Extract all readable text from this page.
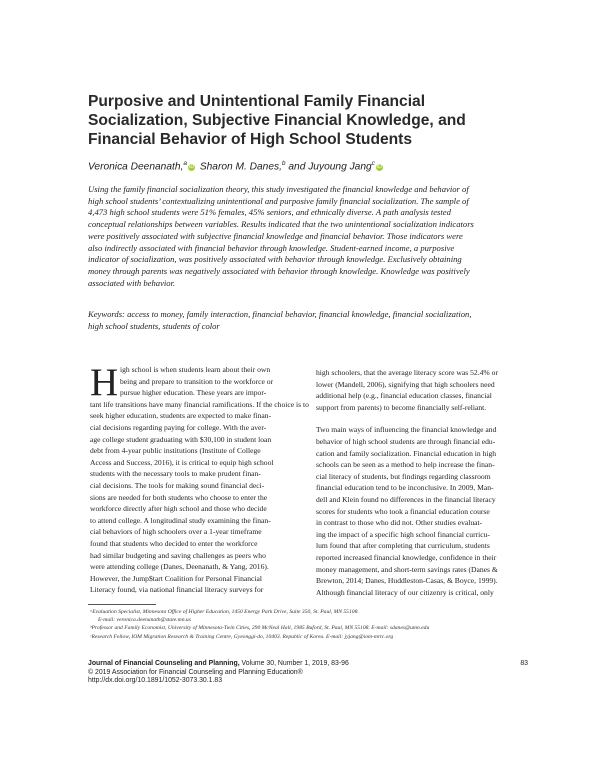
Purposive and Unintentional Family Financial
Socialization, Subjective Financial Knowledge, and
Financial Behavior of High School Students
Veronica Deenanath,$^a$iD Sharon M. Danes,$^b$ and Juyoung Jang$^c$iD
Using the family financial socialization theory, this study investigated the financial knowledge and behavior of
high school students’ contextualizing unintentional and purposive family financial socialization. The sample of
4,473 high school students were 51% females, 45% seniors, and ethnically diverse. A path analysis tested
conceptual relationships between variables. Results indicated that the two unintentional socialization indicators
were positively associated with subjective financial knowledge and financial behavior. Those indicators were
also indirectly associated with financial behavior through knowledge. Student-earned income, a purposive
indicator of socialization, was positively associated with behavior through knowledge. Exclusively obtaining
money through parents was negatively associated with behavior through knowledge. Knowledge was positively
associated with behavior.
Keywords: access to money, family interaction, financial behavior, financial knowledge, financial socialization,
high school students, students of color
H igh school is when students learn about their own
being and prepare to transition to the workforce or
pursue higher education. These years are impor-
tant life transitions have many financial ramifications. If the choice is to
seek higher education, students are expected to make finan-
cial decisions regarding paying for college. With the aver-
age college student graduating with $30,100 in student loan
debt from 4-year public institutions (Institute of College
Access and Success, 2016), it is critical to equip high school
students with the necessary tools to make prudent finan-
cial decisions. The tools for making sound financial deci-
sions are needed for both students who choose to enter the
workforce directly after high school and those who decide
to attend college. A longitudinal study examining the finan-
cial behaviors of high schoolers over a 1-year timeframe
found that students who decided to enter the workforce
had similar budgeting and saving challenges as peers who
were attending college (Danes, Deenanath, & Yang, 2016).
However, the Jump$tart Coalition for Personal Financial
Literacy found, via national financial literacy surveys for
high schoolers, that the average literacy score was 52.4% or
lower (Mandell, 2006), signifying that high schoolers need
additional help (e.g., financial education classes, financial
support from parents) to become financially self-reliant.
Two main ways of influencing the financial knowledge and
behavior of high school students are through financial edu-
cation and family socialization. Financial education in high
schools can be seen as a method to help increase the finan-
cial literacy of students, but findings regarding classroom
financial education tend to be inconclusive. In 2009, Man-
dell and Klein found no differences in the financial literacy
scores for students who took a financial education course
in contrast to those who did not. Other studies evaluat-
ing the impact of a specific high school financial curricu-
lum found that after completing that curriculum, students
reported increased financial knowledge, confidence in their
money management, and short-term savings rates (Danes &
Brewton, 2014; Danes, Huddleston-Casas, & Boyce, 1999).
Although financial literacy of our citizenry is critical, only
ᵃEvaluation Specialist, Minnesota Office of Higher Education, 1450 Energy Park Drive, Suite 350, St. Paul, MN 55108.
E-mail: veronica.deenanath@state.mn.us
ᵇProfessor and Family Economist, University of Minnesota-Twin Cities, 290 McNeal Hall, 1985 Buford, St. Paul, MN 55108. E-mail: sdanes@umn.edu
ᶜResearch Fellow, IOM Migration Research & Training Centre, Gyeonggi-do, 10403. Republic of Korea. E-mail: jyjang@iom-mrtc.org
Journal of Financial Counseling and Planning, Volume 30, Number 1, 2019, 83-96
© 2019 Association for Financial Counseling and Planning Education®
http://dx.doi.org/10.1891/1052-3073.30.1.83
83
